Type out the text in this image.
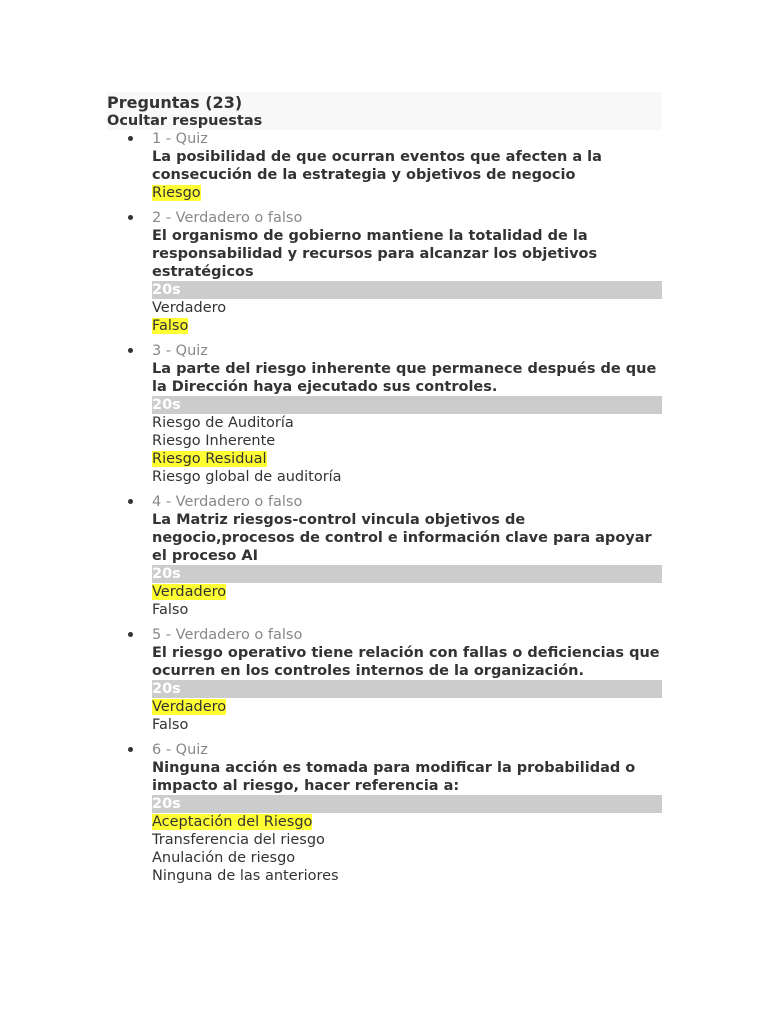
Preguntas (23)
Ocultar respuestas
1 - Quiz
La posibilidad de que ocurran eventos que afecten a la consecución de la estrategia y objetivos de negocio
Riesgo
2 - Verdadero o falso
El organismo de gobierno mantiene la totalidad de la responsabilidad y recursos para alcanzar los objetivos estratégicos
20s
Verdadero
Falso
3 - Quiz
La parte del riesgo inherente que permanece después de que la Dirección haya ejecutado sus controles.
20s
Riesgo de Auditoría
Riesgo Inherente
Riesgo Residual
Riesgo global de auditoría
4 - Verdadero o falso
La Matriz riesgos-control vincula objetivos de negocio,procesos de control e información clave para apoyar el proceso AI
20s
Verdadero
Falso
5 - Verdadero o falso
El riesgo operativo tiene relación con fallas o deficiencias que ocurren en los controles internos de la organización.
20s
Verdadero
Falso
6 - Quiz
Ninguna acción es tomada para modificar la probabilidad o impacto al riesgo, hacer referencia a:
20s
Aceptación del Riesgo
Transferencia del riesgo
Anulación de riesgo
Ninguna de las anteriores
